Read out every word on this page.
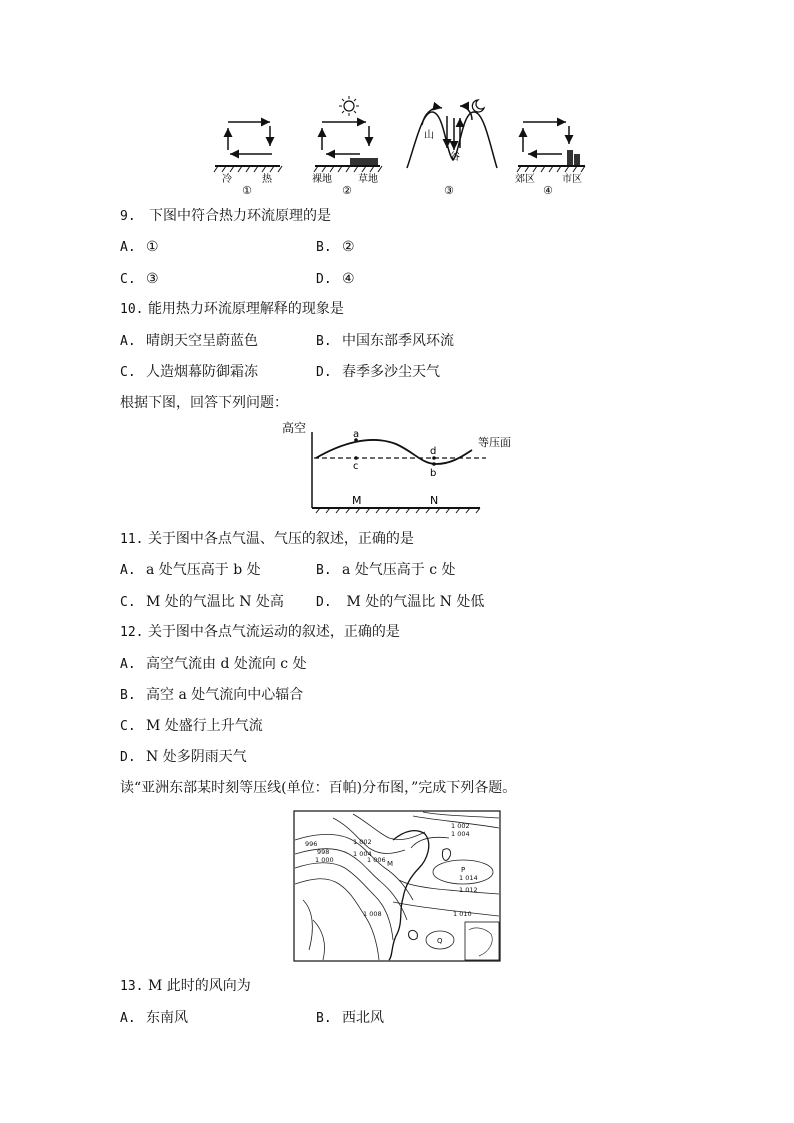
冷	热
①
裸地	草地
②
山
谷
③
郊区	市区
④
9. 下图中符合热力环流原理的是
A. ①	B. ②
C. ③	D. ④
10. 能用热力环流原理解释的现象是
A. 晴朗天空呈蔚蓝色	B. 中国东部季风环流
C. 人造烟幕防御霜冻	D. 春季多沙尘天气
根据下图，回答下列问题：
高空	a
c
d
b
等压面
M	N
11. 关于图中各点气温、气压的叙述，正确的是
A. a 处气压高于 b 处	B. a 处气压高于 c 处
C. M 处的气温比 N 处高 D. M 处的气温比 N 处低
12. 关于图中各点气流运动的叙述，正确的是
A. 高空气流由 d 处流向 c 处
B. 高空 a 处气流向中心辐合
C. M 处盛行上升气流
D. N 处多阴雨天气
读“亚洲东部某时刻等压线(单位：百帕)分布图，”完成下列各题。
1 002
1 004
996
998
1 000
1 002
1 004
1 006 M
P
1 014
1 012
1 008	1 010
Q
13. M 此时的风向为
A. 东南风	B. 西北风
